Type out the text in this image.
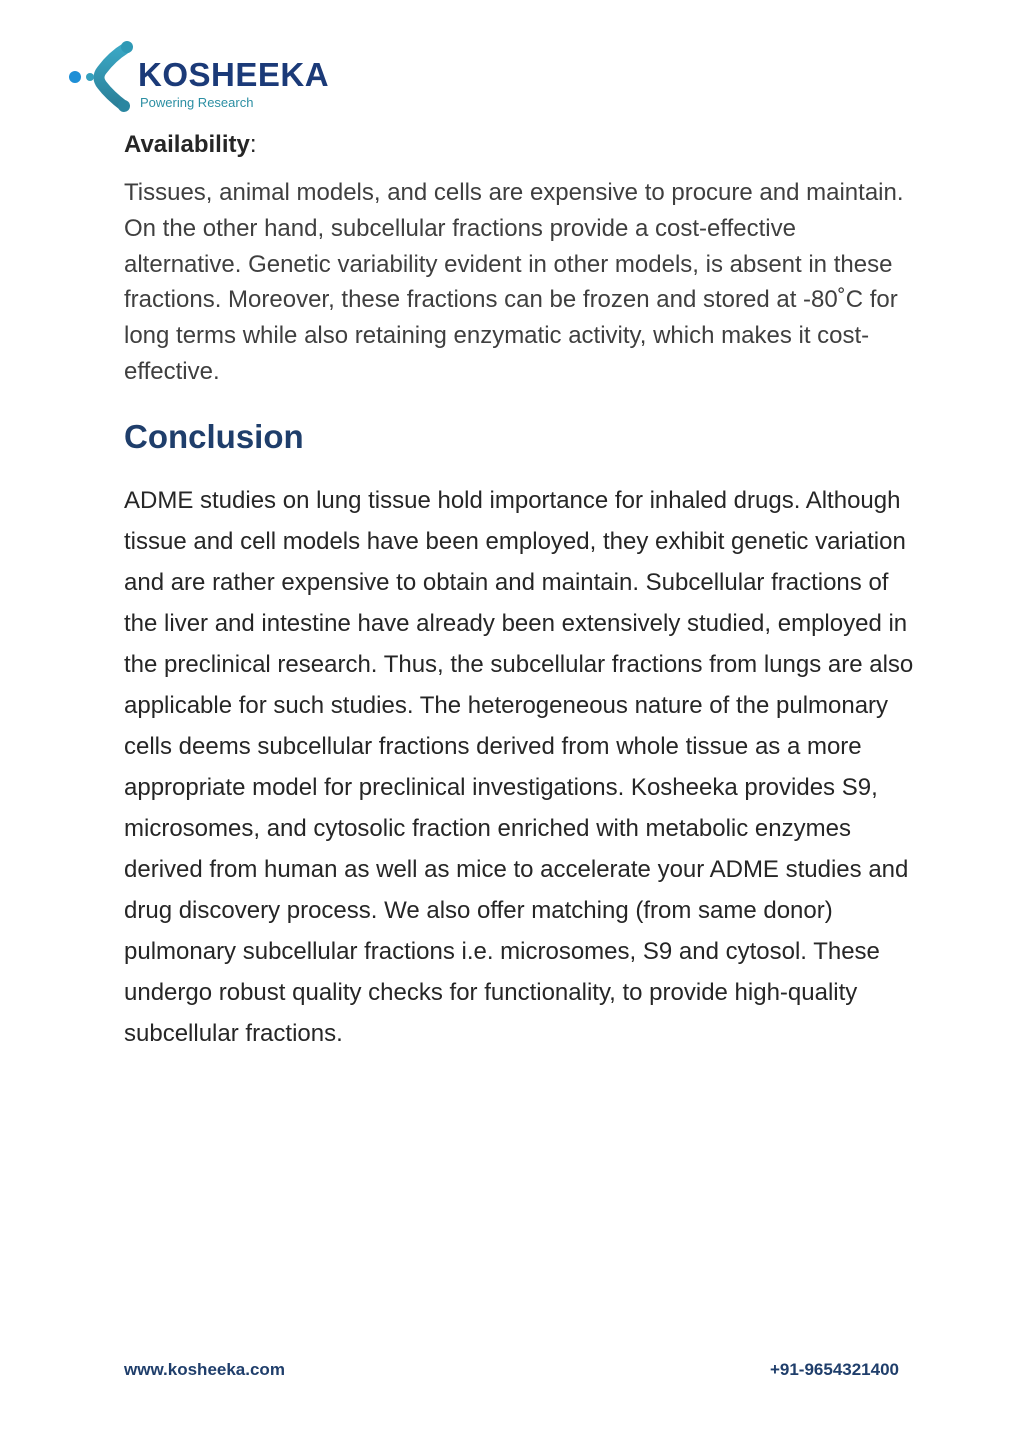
KOSHEEKA
Powering Research

Availability:

Tissues, animal models, and cells are expensive to procure and maintain. On the other hand, subcellular fractions provide a cost-effective alternative. Genetic variability evident in other models, is absent in these fractions. Moreover, these fractions can be frozen and stored at -80˚C for long terms while also retaining enzymatic activity, which makes it cost-effective.

Conclusion

ADME studies on lung tissue hold importance for inhaled drugs. Although tissue and cell models have been employed, they exhibit genetic variation and are rather expensive to obtain and maintain. Subcellular fractions of the liver and intestine have already been extensively studied, employed in the preclinical research. Thus, the subcellular fractions from lungs are also applicable for such studies. The heterogeneous nature of the pulmonary cells deems subcellular fractions derived from whole tissue as a more appropriate model for preclinical investigations. Kosheeka provides S9, microsomes, and cytosolic fraction enriched with metabolic enzymes derived from human as well as mice to accelerate your ADME studies and drug discovery process. We also offer matching (from same donor) pulmonary subcellular fractions i.e. microsomes, S9 and cytosol. These undergo robust quality checks for functionality, to provide high-quality subcellular fractions.

www.kosheeka.com	+91-9654321400
